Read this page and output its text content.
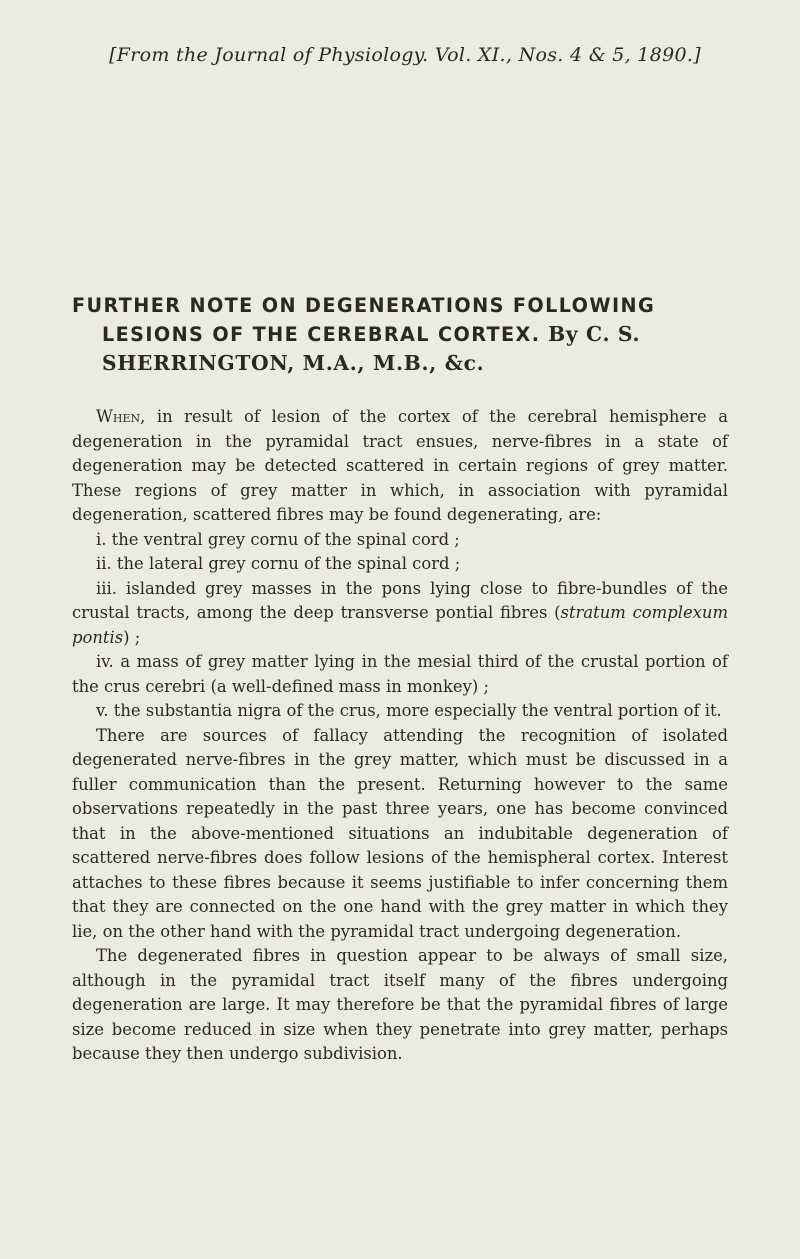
[From the Journal of Physiology. Vol. XI., Nos. 4 & 5, 1890.]
FURTHER NOTE ON DEGENERATIONS FOLLOWING
LESIONS OF THE CEREBRAL CORTEX. By C. S.
SHERRINGTON, M.A., M.B., &c.

When, in result of lesion of the cortex of the cerebral hemisphere a degeneration in the pyramidal tract ensues, nerve-fibres in a state of degeneration may be detected scattered in certain regions of grey matter. These regions of grey matter in which, in association with pyramidal degeneration, scattered fibres may be found degenerating, are:

i. the ventral grey cornu of the spinal cord ;

ii. the lateral grey cornu of the spinal cord ;

iii. islanded grey masses in the pons lying close to fibre-bundles of the crustal tracts, among the deep transverse pontial fibres (stratum complexum pontis) ;

iv. a mass of grey matter lying in the mesial third of the crustal portion of the crus cerebri (a well-defined mass in monkey) ;

v. the substantia nigra of the crus, more especially the ventral portion of it.

There are sources of fallacy attending the recognition of isolated degenerated nerve-fibres in the grey matter, which must be discussed in a fuller communication than the present. Returning however to the same observations repeatedly in the past three years, one has become convinced that in the above-mentioned situations an indubitable degeneration of scattered nerve-fibres does follow lesions of the hemispheral cortex. Interest attaches to these fibres because it seems justifiable to infer concerning them that they are connected on the one hand with the grey matter in which they lie, on the other hand with the pyramidal tract undergoing degeneration.

The degenerated fibres in question appear to be always of small size, although in the pyramidal tract itself many of the fibres undergoing degeneration are large. It may therefore be that the pyramidal fibres of large size become reduced in size when they penetrate into grey matter, perhaps because they then undergo subdivision.
